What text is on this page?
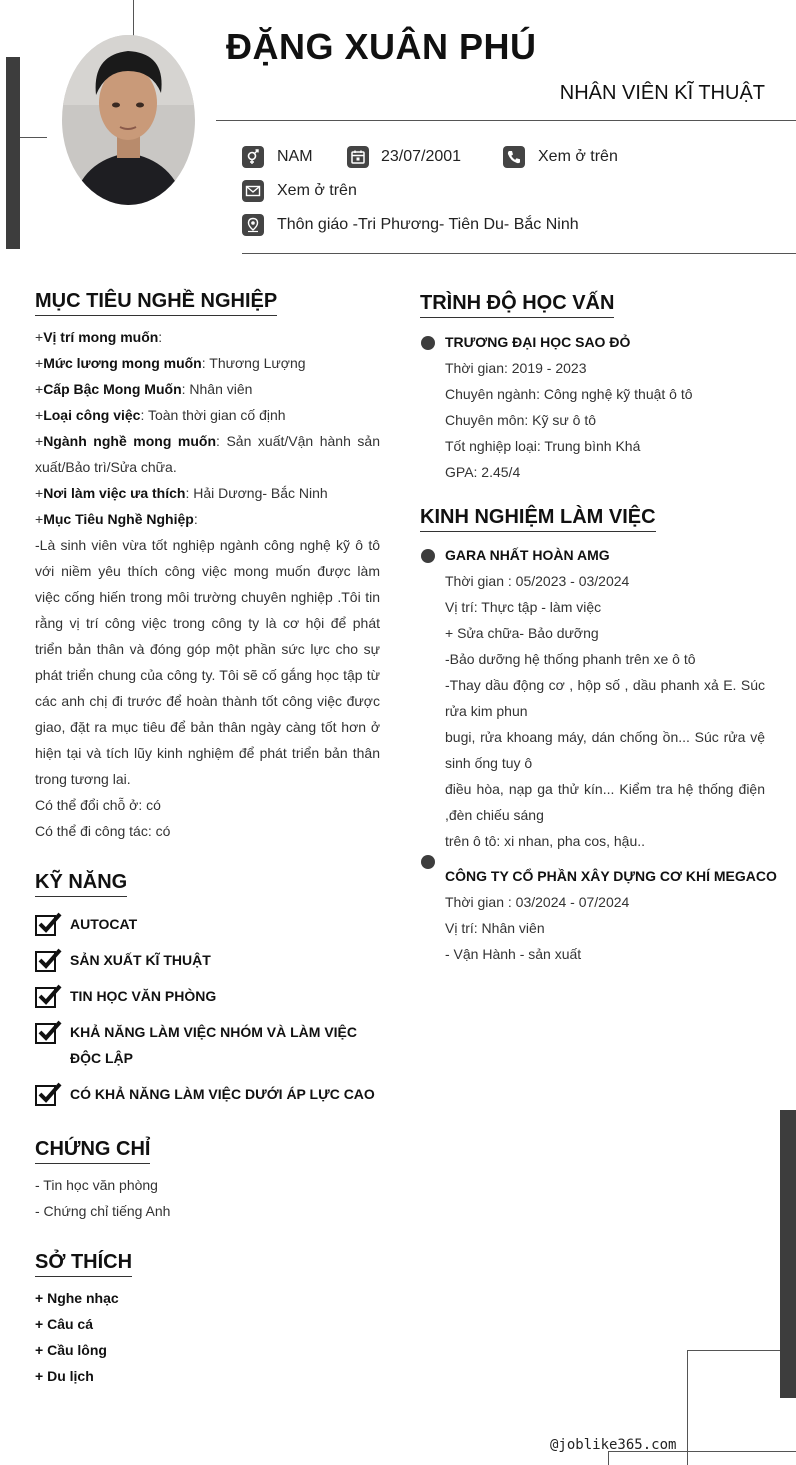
ĐẶNG XUÂN PHÚ
NHÂN VIÊN KĨ THUẬT
NAM	23/07/2001	Xem ở trên
Xem ở trên
Thôn giáo -Tri Phương- Tiên Du- Bắc Ninh
MỤC TIÊU NGHỀ NGHIỆP
+Vị trí mong muốn:
+Mức lương mong muốn: Thương Lượng
+Cấp Bậc Mong Muốn: Nhân viên
+Loại công việc: Toàn thời gian cố định
+Ngành nghề mong muốn: Sản xuất/Vận hành sản xuất/Bảo trì/Sửa chữa.
+Nơi làm việc ưa thích: Hải Dương- Bắc Ninh
+Mục Tiêu Nghề Nghiệp:
-Là sinh viên vừa tốt nghiệp ngành công nghệ kỹ ô tô với niềm yêu thích công việc mong muốn được làm việc cống hiến trong môi trường chuyên nghiệp .Tôi tin rằng vị trí công việc trong công ty là cơ hội để phát triển bản thân và đóng góp một phần sức lực cho sự phát triển chung của công ty. Tôi sẽ cố gắng học tập từ các anh chị đi trước để hoàn thành tốt công việc được giao, đặt ra mục tiêu để bản thân ngày càng tốt hơn ở hiện tại và tích lũy kinh nghiệm để phát triển bản thân trong tương lai.
Có thể đổi chỗ ở: có
Có thể đi công tác: có
KỸ NĂNG
AUTOCAT
SẢN XUẤT KĨ THUẬT
TIN HỌC VĂN PHÒNG
KHẢ NĂNG LÀM VIỆC NHÓM VÀ LÀM VIỆC ĐỘC LẬP
CÓ KHẢ NĂNG LÀM VIỆC DƯỚI ÁP LỰC CAO
CHỨNG CHỈ
- Tin học văn phòng
- Chứng chỉ tiếng Anh
SỞ THÍCH
+ Nghe nhạc
+ Câu cá
+ Cầu lông
+ Du lịch
TRÌNH ĐỘ HỌC VẤN
TRƯƠNG ĐẠI HỌC SAO ĐỎ
Thời gian: 2019 - 2023
Chuyên ngành: Công nghệ kỹ thuật ô tô
Chuyên môn: Kỹ sư ô tô
Tốt nghiệp loại: Trung bình Khá
GPA: 2.45/4
KINH NGHIỆM LÀM VIỆC
GARA NHẤT HOÀN AMG
Thời gian : 05/2023 - 03/2024
Vị trí: Thực tập - làm việc
+ Sửa chữa- Bảo dưỡng
-Bảo dưỡng hệ thống phanh trên xe ô tô
-Thay dầu động cơ , hộp số , dầu phanh xả E. Súc rửa kim phun
bugi, rửa khoang máy, dán chống ồn... Súc rửa vệ sinh ống tuy ô
điều hòa, nạp ga thử kín... Kiểm tra hệ thống điện ,đèn chiếu sáng
trên ô tô: xi nhan, pha cos, hậu..
CÔNG TY CỔ PHẦN XÂY DỰNG CƠ KHÍ MEGACO
Thời gian : 03/2024 - 07/2024
Vị trí: Nhân viên
- Vận Hành - sản xuất
@joblike365.com
